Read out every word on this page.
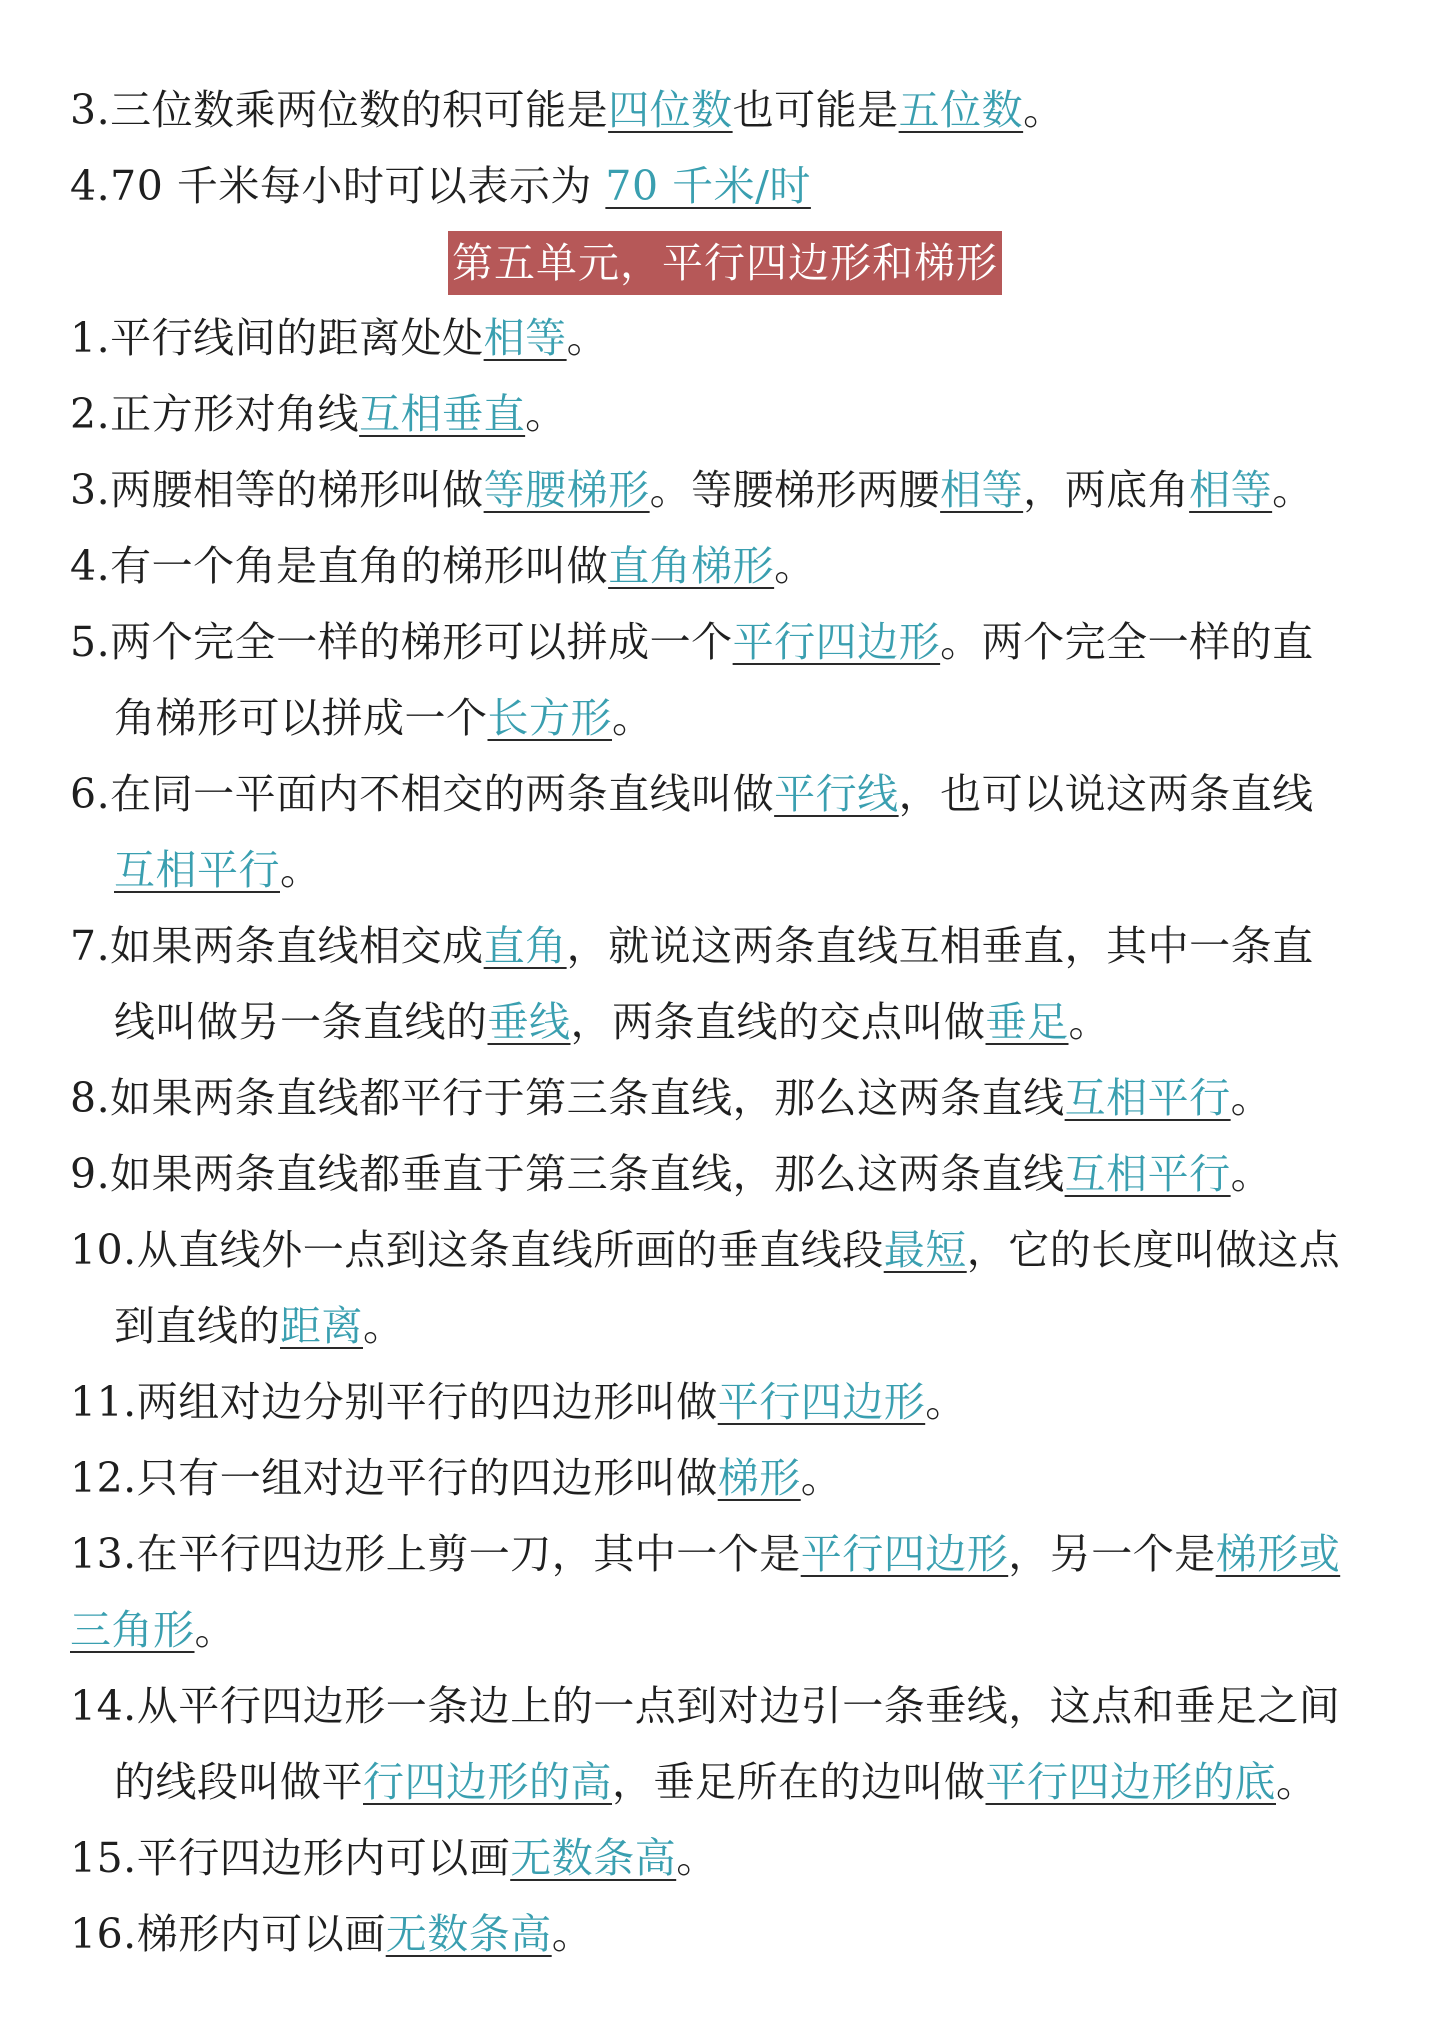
3.三位数乘两位数的积可能是四位数也可能是五位数。
4.70 千米每小时可以表示为 70 千米/时
第五单元，平行四边形和梯形
1.平行线间的距离处处相等。
2.正方形对角线互相垂直。
3.两腰相等的梯形叫做等腰梯形。等腰梯形两腰相等，两底角相等。
4.有一个角是直角的梯形叫做直角梯形。
5.两个完全一样的梯形可以拼成一个平行四边形。两个完全一样的直
角梯形可以拼成一个长方形。
6.在同一平面内不相交的两条直线叫做平行线，也可以说这两条直线
互相平行。
7.如果两条直线相交成直角，就说这两条直线互相垂直，其中一条直
线叫做另一条直线的垂线，两条直线的交点叫做垂足。
8.如果两条直线都平行于第三条直线，那么这两条直线互相平行。
9.如果两条直线都垂直于第三条直线，那么这两条直线互相平行。
10.从直线外一点到这条直线所画的垂直线段最短，它的长度叫做这点
到直线的距离。
11.两组对边分别平行的四边形叫做平行四边形。
12.只有一组对边平行的四边形叫做梯形。
13.在平行四边形上剪一刀，其中一个是平行四边形，另一个是梯形或
三角形。
14.从平行四边形一条边上的一点到对边引一条垂线，这点和垂足之间
的线段叫做平行四边形的高，垂足所在的边叫做平行四边形的底。
15.平行四边形内可以画无数条高。
16.梯形内可以画无数条高。
